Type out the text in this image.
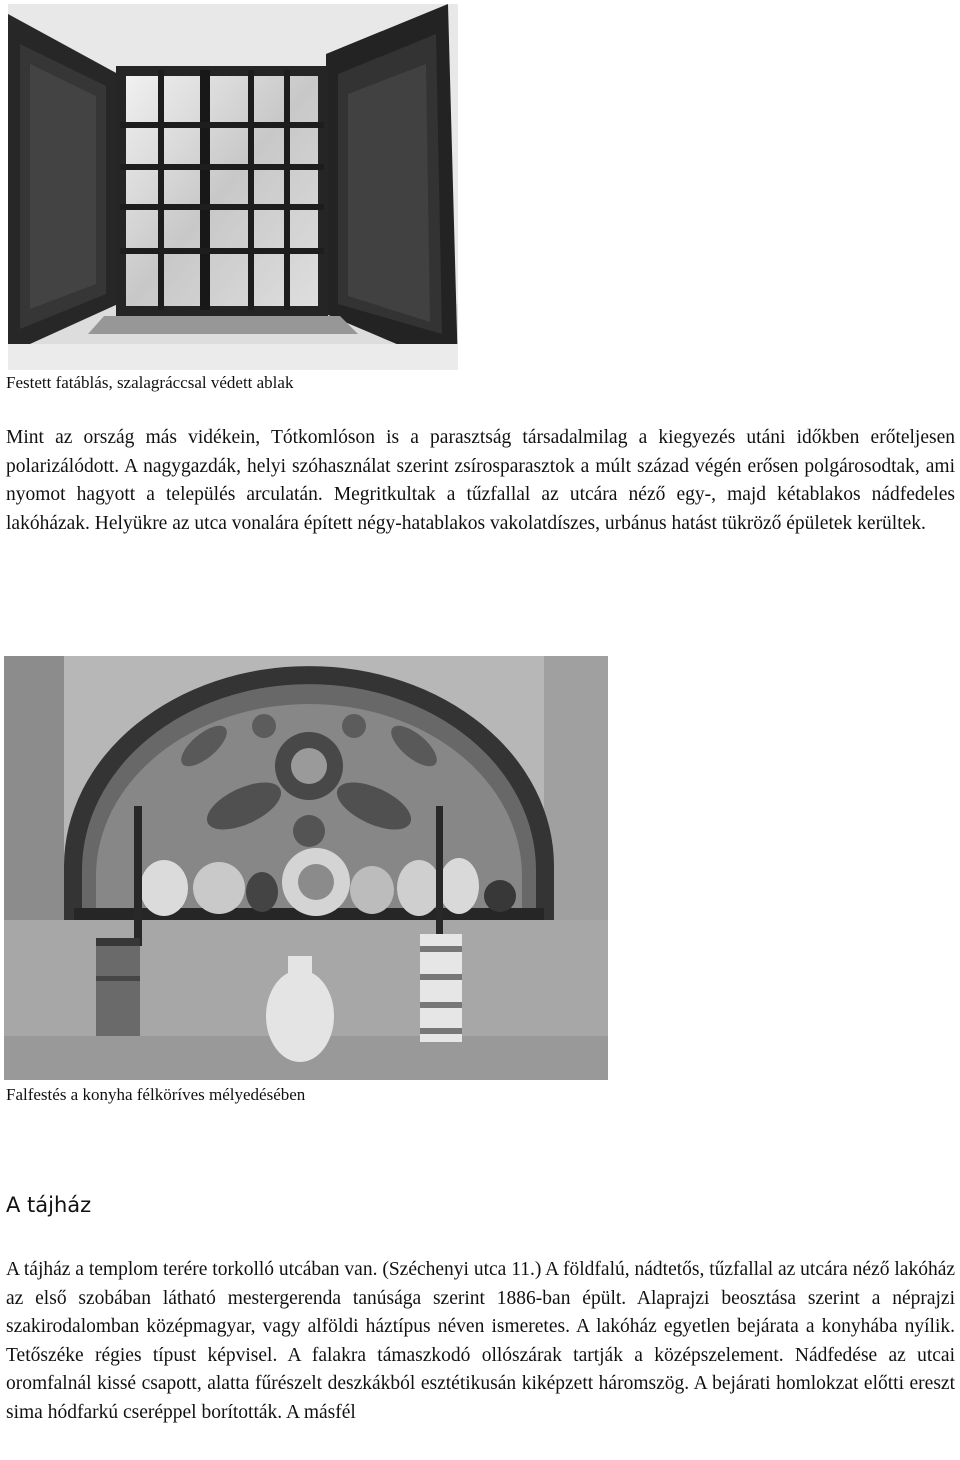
Festett fatáblás, szalagráccsal védett ablak

Mint az ország más vidékein, Tótkomlóson is a parasztság társadalmilag a kiegyezés utáni időkben erőteljesen polarizálódott. A nagygazdák, helyi szóhasználat szerint zsírosparasztok a múlt század végén erősen polgárosodtak, ami nyomot hagyott a település arculatán. Megritkultak a tűzfallal az utcára néző egy-, majd kétablakos nádfedeles lakóházak. Helyükre az utca vonalára épített négy-hatablakos vakolatdíszes, urbánus hatást tükröző épületek kerültek.

Falfestés a konyha félköríves mélyedésében
A tájház

A tájház a templom terére torkolló utcában van. (Széchenyi utca 11.) A földfalú, nádtetős, tűzfallal az utcára néző lakóház az első szobában látható mestergerenda tanúsága szerint 1886-ban épült. Alaprajzi beosztása szerint a néprajzi szakirodalomban középmagyar, vagy alföldi háztípus néven ismeretes. A lakóház egyetlen bejárata a konyhába nyílik. Tetőszéke régies típust képvisel. A falakra támaszkodó ollószárak tartják a középszelement. Nádfedése az utcai oromfalnál kissé csapott, alatta fűrészelt deszkákból esztétikusán kiképzett háromszög. A bejárati homlokzat előtti ereszt sima hódfarkú cseréppel borították. A másfél
